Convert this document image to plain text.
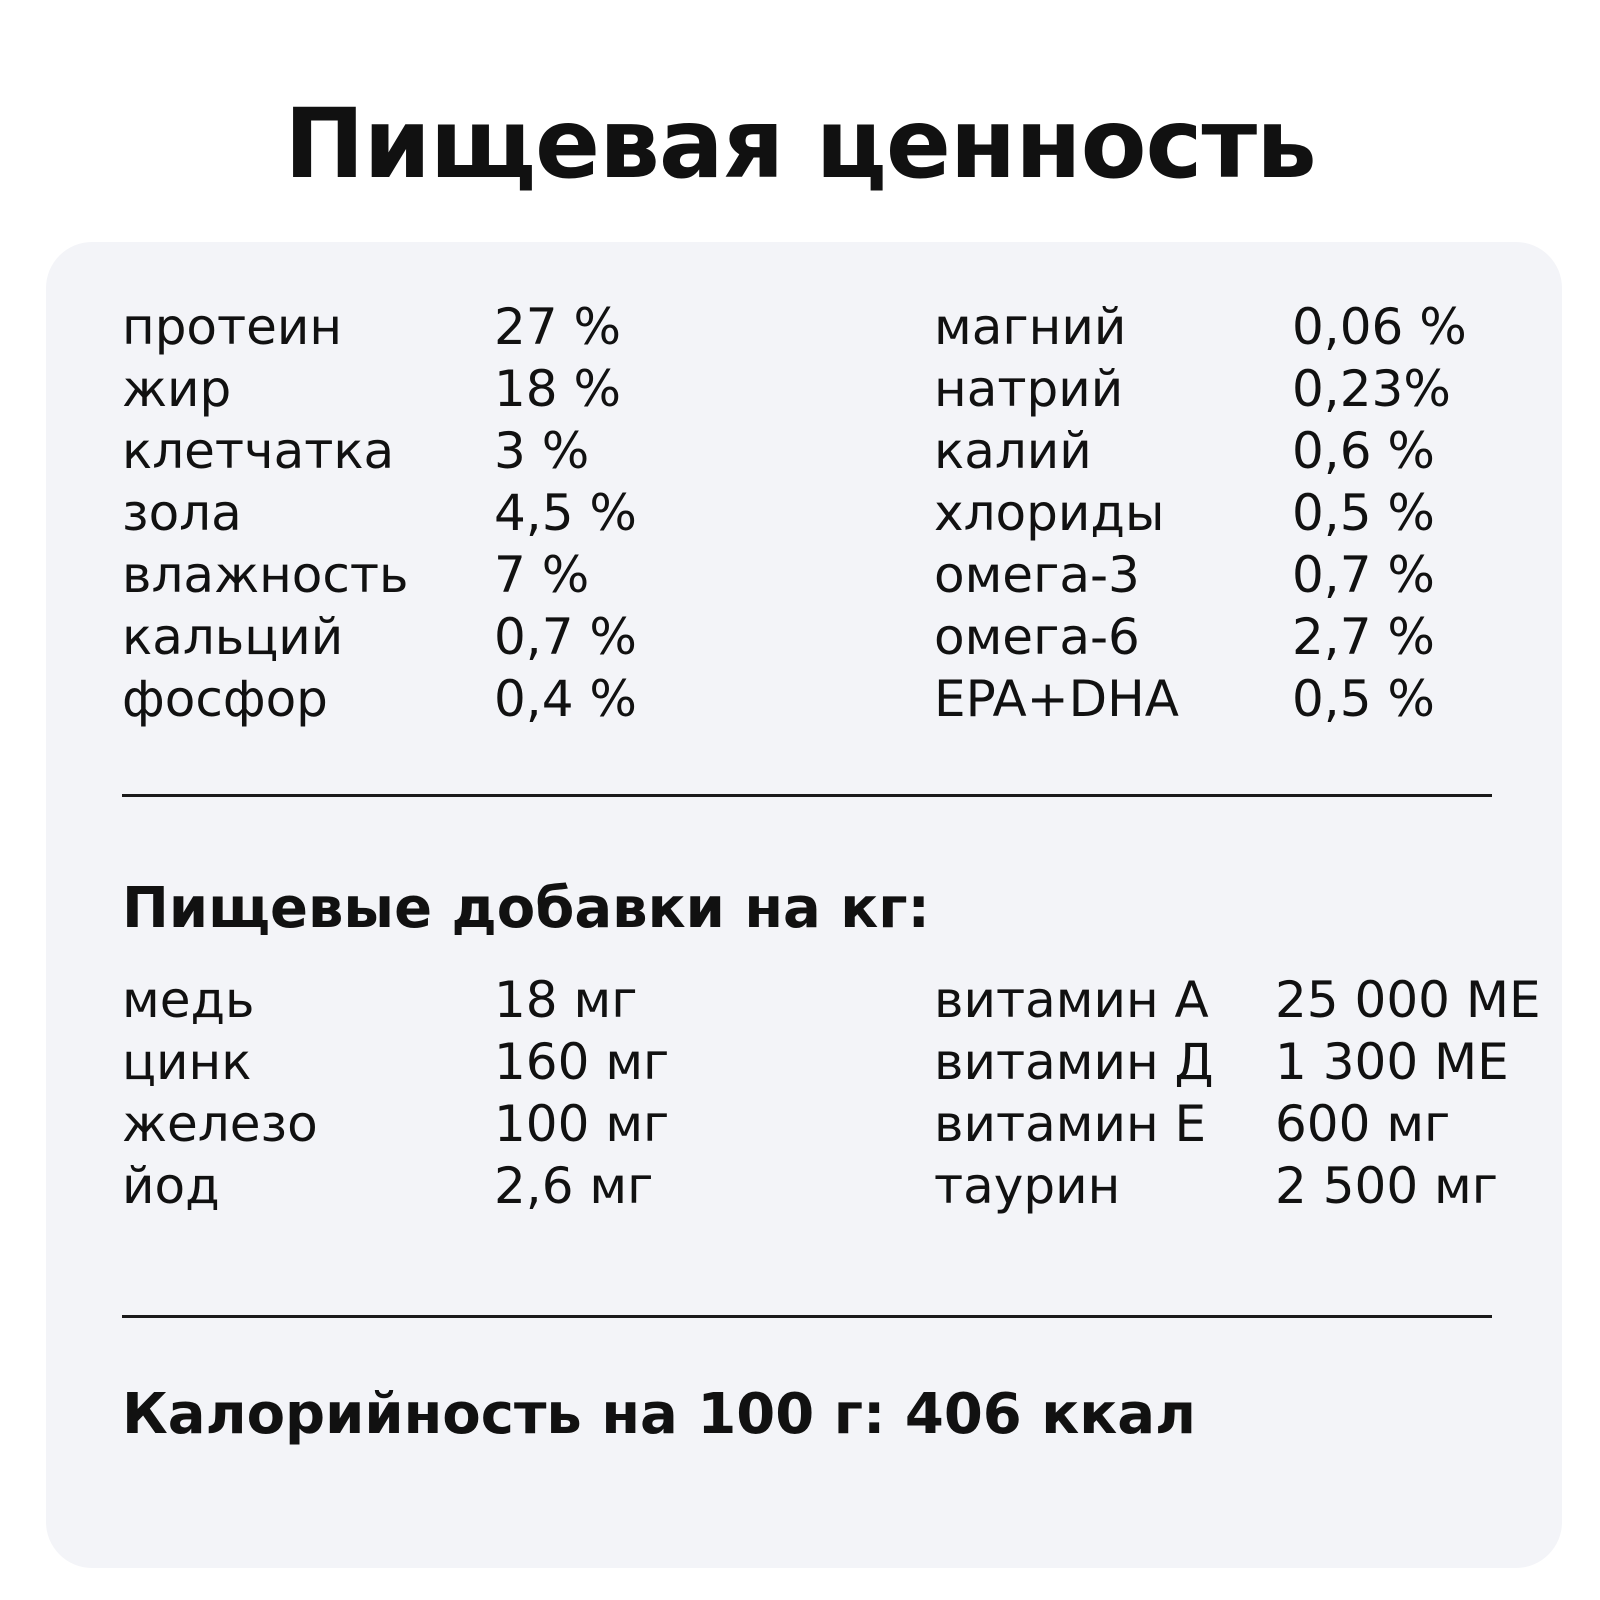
Пищевая ценность
протеин	27 %	магний	0,06 %
жир	18 %	натрий	0,23%
клетчатка 3 %	калий	0,6 %
зола	4,5 %	хлориды	0,5 %
влажность 7 %	омега-3	0,7 %
кальций	0,7 %	омега-6	2,7 %
фосфор	0,4 %	EPA+DHA 0,5 %
Пищевые добавки на кг:
медь	18 мг	витамин А 25 000 МЕ
цинк	160 мг	витамин Д 1 300 МЕ
железо	100 мг	витамин Е 600 мг
йод	2,6 мг	таурин	2 500 мг
Калорийность на 100 г: 406 ккал
